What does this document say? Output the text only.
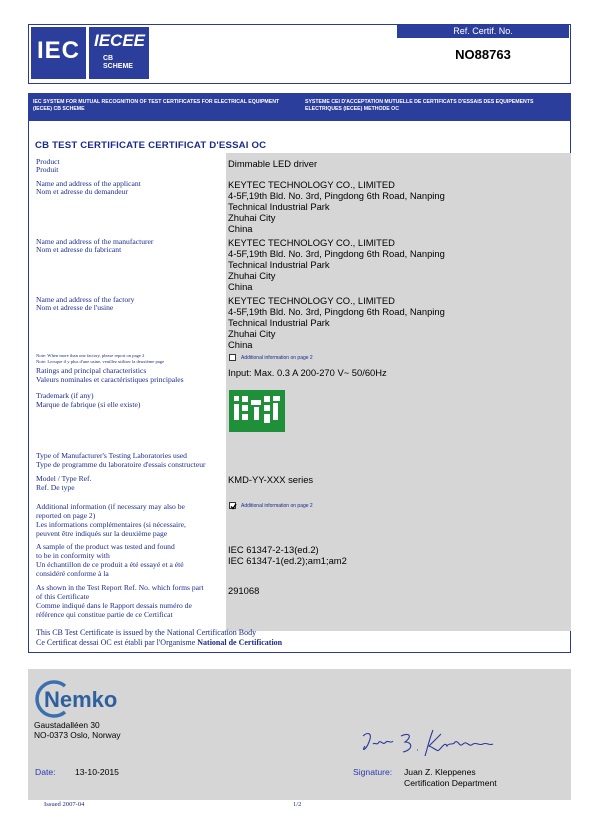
IEC IECEE
CB
SCHEME
Ref. Certif. No.
NO88763
IEC SYSTEM FOR MUTUAL RECOGNITION OF TEST CERTIFICATES FOR ELECTRICAL EQUIPMENT (IECEE) CB SCHEME
SYSTEME CEI D'ACCEPTATION MUTUELLE DE CERTIFICATS D'ESSAIS DES EQUIPEMENTS ELECTRIQUES (IECEE) METHODE OC
CB TEST CERTIFICATE CERTIFICAT D'ESSAI OC
Product
Produit
Dimmable LED driver
Name and address of the applicant
Nom et adresse du demandeur
KEYTEC TECHNOLOGY CO., LIMITED
4-5F,19th Bld. No. 3rd, Pingdong 6th Road, Nanping
Technical Industrial Park
Zhuhai City
China
Name and address of the manufacturer
Nom et adresse du fabricant
KEYTEC TECHNOLOGY CO., LIMITED
4-5F,19th Bld. No. 3rd, Pingdong 6th Road, Nanping
Technical Industrial Park
Zhuhai City
China
Name and address of the factory
Nom et adresse de l'usine
KEYTEC TECHNOLOGY CO., LIMITED
4-5F,19th Bld. No. 3rd, Pingdong 6th Road, Nanping
Technical Industrial Park
Zhuhai City
China
Note: When more than one factory, please report on page 2
Note: Lorsque il y plus d'une usine, veuillez utiliser la deuxième page
Additional information on page 2
Ratings and principal characteristics
Valeurs nominales et caractéristiques principales
Input: Max. 0.3 A 200-270 V~ 50/60Hz
Trademark (if any)
Marque de fabrique (si elle existe)
Type of Manufacturer's Testing Laboratories used
Type de programme du laboratoire d'essais constructeur
Model / Type Ref.
Ref. De type
KMD-YY-XXX series
Additional information (if necessary may also be
reported on page 2)
Les informations complémentaires (si nécessaire,
peuvent être indiqués sur la deuxième page
Additional information on page 2
A sample of the product was tested and found
to be in conformity with
Un échantillon de ce produit a été essayé et a été
considéré conforme à la
IEC 61347-2-13(ed.2)
IEC 61347-1(ed.2);am1;am2
As shown in the Test Report Ref. No. which forms part
of this Certificate
Comme indiqué dans le Rapport dessais numéro de
référence qui constitue partie de ce Certificat
291068
This CB Test Certificate is issued by the National Certification Body
Ce Certificat dessai OC est établi par l'Organisme National de Certification
Nemko
Gaustadalléen 30
NO-0373 Oslo, Norway
Date: 13-10-2015	Signature: Juan Z. Kleppenes
Certification Department
Issued 2007-04	1/2
